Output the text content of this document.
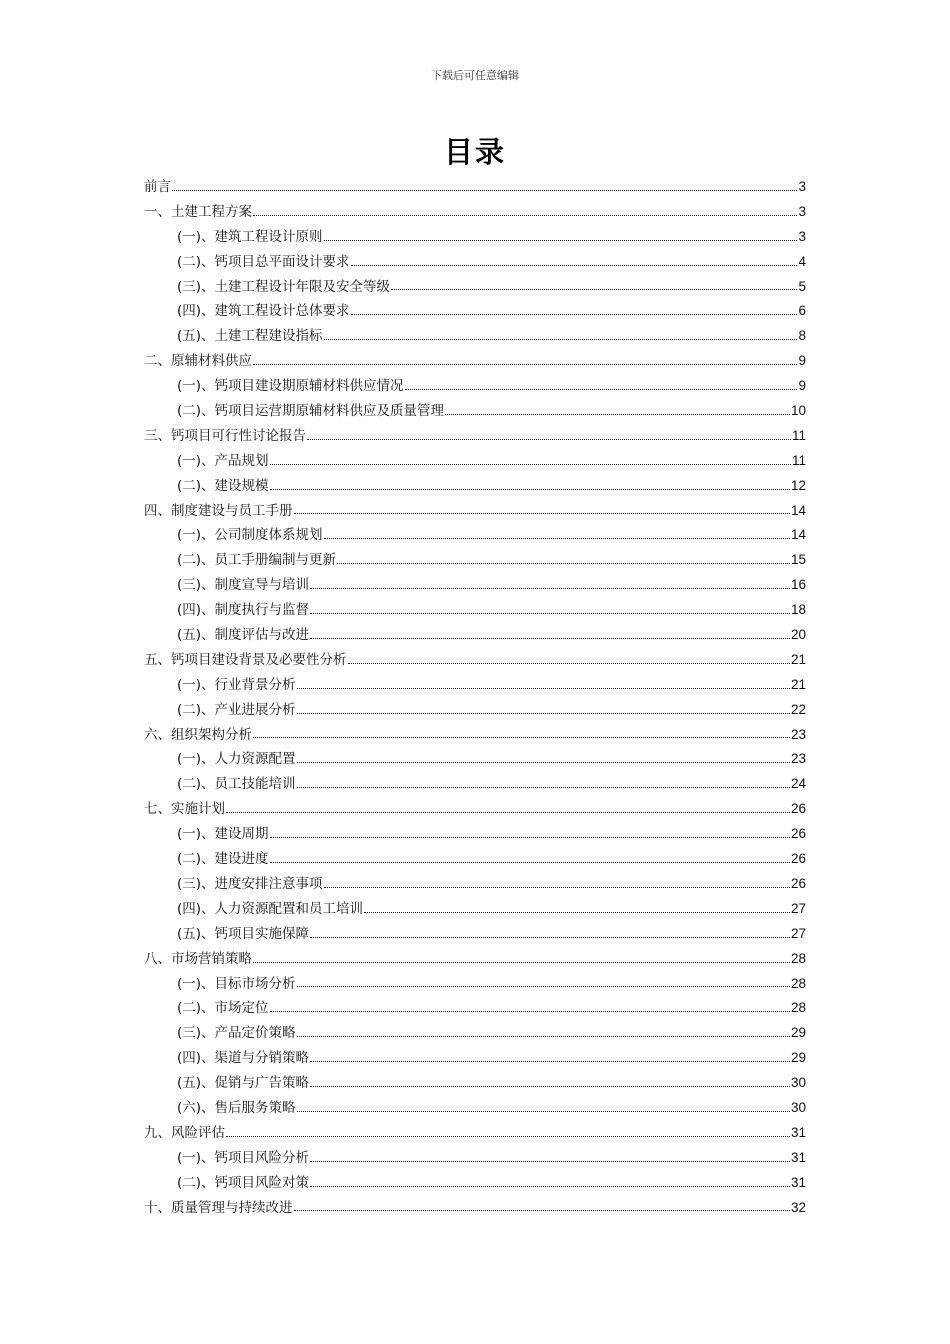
下载后可任意编辑
目录
前言	3
一、土建工程方案	3
(一)、建筑工程设计原则	3
(二)、钙项目总平面设计要求	4
(三)、土建工程设计年限及安全等级	5
(四)、建筑工程设计总体要求	6
(五)、土建工程建设指标	8
二、原辅材料供应	9
(一)、钙项目建设期原辅材料供应情况	9
(二)、钙项目运营期原辅材料供应及质量管理	10
三、钙项目可行性讨论报告	11
(一)、产品规划	11
(二)、建设规模	12
四、制度建设与员工手册	14
(一)、公司制度体系规划	14
(二)、员工手册编制与更新	15
(三)、制度宣导与培训	16
(四)、制度执行与监督	18
(五)、制度评估与改进	20
五、钙项目建设背景及必要性分析	21
(一)、行业背景分析	21
(二)、产业进展分析	22
六、组织架构分析	23
(一)、人力资源配置	23
(二)、员工技能培训	24
七、实施计划	26
(一)、建设周期	26
(二)、建设进度	26
(三)、进度安排注意事项	26
(四)、人力资源配置和员工培训	27
(五)、钙项目实施保障	27
八、市场营销策略	28
(一)、目标市场分析	28
(二)、市场定位	28
(三)、产品定价策略	29
(四)、渠道与分销策略	29
(五)、促销与广告策略	30
(六)、售后服务策略	30
九、风险评估	31
(一)、钙项目风险分析	31
(二)、钙项目风险对策	31
十、质量管理与持续改进	32
